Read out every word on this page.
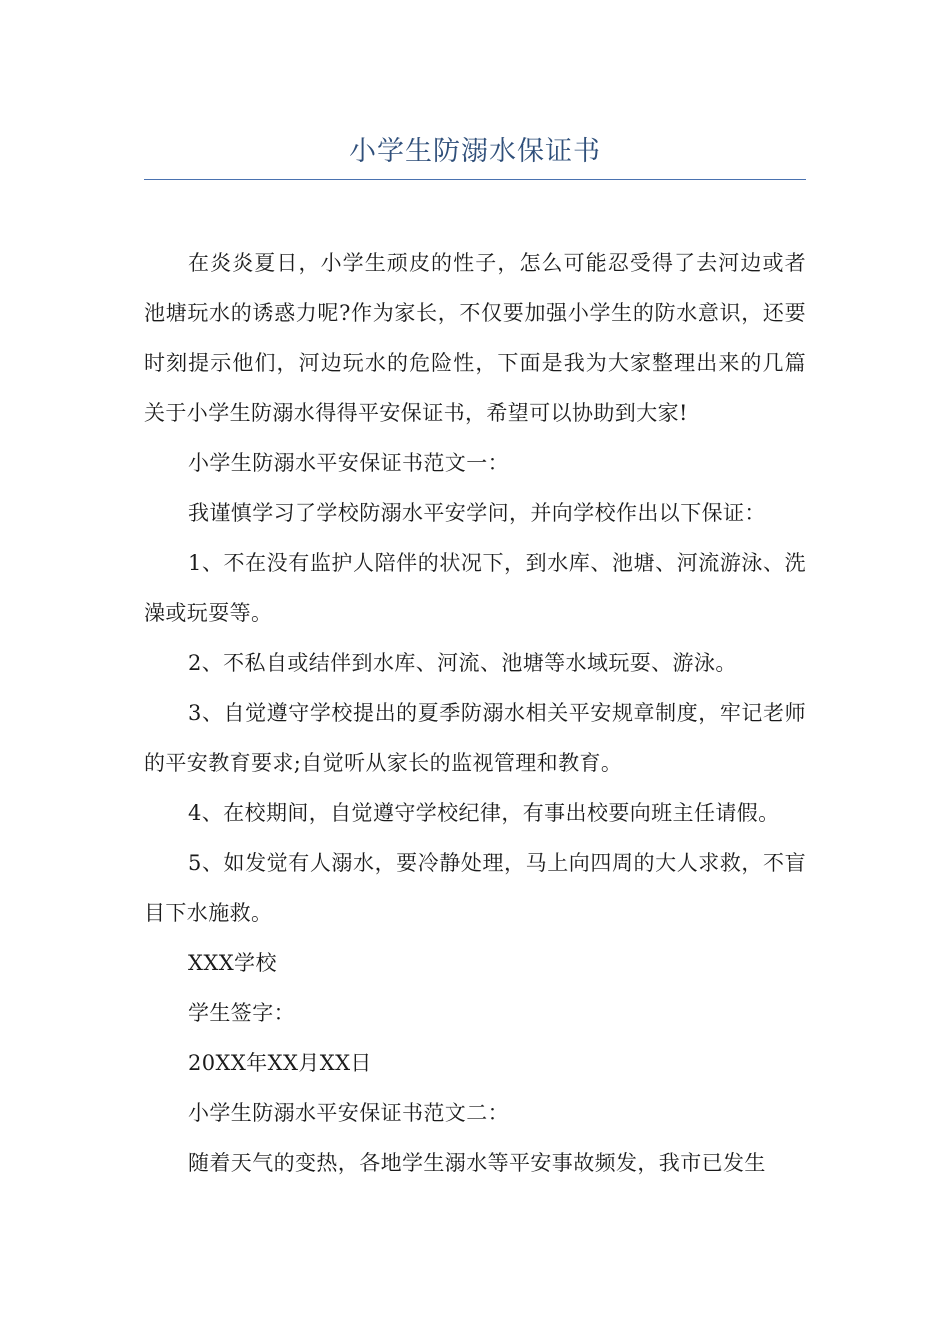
小学生防溺水保证书

在炎炎夏日，小学生顽皮的性子，怎么可能忍受得了去河边或者池塘玩水的诱惑力呢?作为家长，不仅要加强小学生的防水意识，还要时刻提示他们，河边玩水的危险性，下面是我为大家整理出来的几篇关于小学生防溺水得得平安保证书，希望可以协助到大家!

小学生防溺水平安保证书范文一：

我谨慎学习了学校防溺水平安学问，并向学校作出以下保证：

1、不在没有监护人陪伴的状况下，到水库、池塘、河流游泳、洗澡或玩耍等。

2、不私自或结伴到水库、河流、池塘等水域玩耍、游泳。

3、自觉遵守学校提出的夏季防溺水相关平安规章制度，牢记老师的平安教育要求;自觉听从家长的监视管理和教育。

4、在校期间，自觉遵守学校纪律，有事出校要向班主任请假。

5、如发觉有人溺水，要冷静处理，马上向四周的大人求救，不盲目下水施救。

XXX学校

学生签字：

20XX年XX月XX日

小学生防溺水平安保证书范文二：

随着天气的变热，各地学生溺水等平安事故频发，我市已发生
